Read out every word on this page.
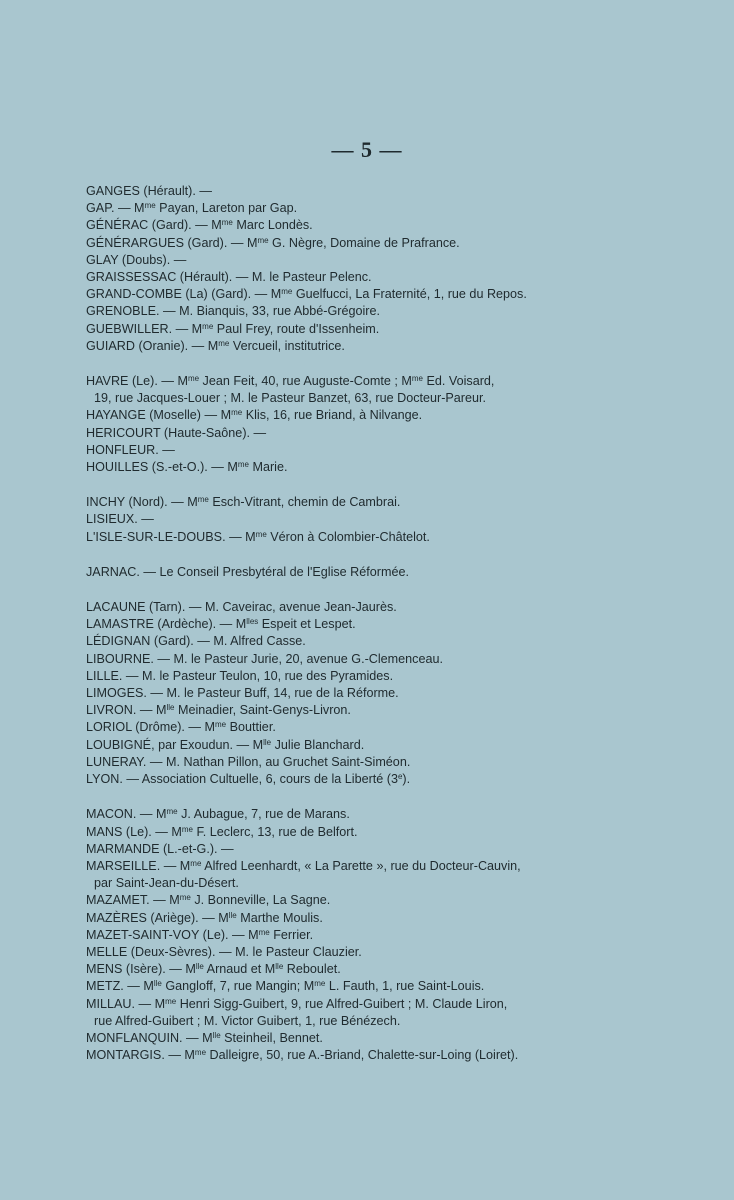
— 5 —
GANGES (Hérault). —
GAP. — $M^{me}$ Payan, Lareton par Gap.
GÉNÉRAC (Gard). — $M^{me}$ Marc Londès.
GÉNÉRARGUES (Gard). — $M^{me}$ G. Nègre, Domaine de Prafrance.
GLAY (Doubs). —
GRAISSESSAC (Hérault). — M. le Pasteur Pelenc.
GRAND-COMBE (La) (Gard). — $M^{me}$ Guelfucci, La Fraternité, 1, rue du Repos.
GRENOBLE. — M. Bianquis, 33, rue Abbé-Grégoire.
GUEBWILLER. — $M^{me}$ Paul Frey, route d'Issenheim.
GUIARD (Oranie). — $M^{me}$ Vercueil, institutrice.
HAVRE (Le). — $M^{me}$ Jean Feit, 40, rue Auguste-Comte ; $M^{me}$ Ed. Voisard,
19, rue Jacques-Louer ; M. le Pasteur Banzet, 63, rue Docteur-Pareur.
HAYANGE (Moselle) — $M^{me}$ Klis, 16, rue Briand, à Nilvange.
HERICOURT (Haute-Saône). —
HONFLEUR. —
HOUILLES (S.-et-O.). — $M^{me}$ Marie.
INCHY (Nord). — $M^{me}$ Esch-Vitrant, chemin de Cambrai.
LISIEUX. —
L'ISLE-SUR-LE-DOUBS. — $M^{me}$ Véron à Colombier-Châtelot.
JARNAC. — Le Conseil Presbytéral de l'Eglise Réformée.
LACAUNE (Tarn). — M. Caveirac, avenue Jean-Jaurès.
LAMASTRE (Ardèche). — $M^{lles}$ Espeit et Lespet.
LÉDIGNAN (Gard). — M. Alfred Casse.
LIBOURNE. — M. le Pasteur Jurie, 20, avenue G.-Clemenceau.
LILLE. — M. le Pasteur Teulon, 10, rue des Pyramides.
LIMOGES. — M. le Pasteur Buff, 14, rue de la Réforme.
LIVRON. — $M^{lle}$ Meinadier, Saint-Genys-Livron.
LORIOL (Drôme). — $M^{me}$ Bouttier.
LOUBIGNÉ, par Exoudun. — $M^{lle}$ Julie Blanchard.
LUNERAY. — M. Nathan Pillon, au Gruchet Saint-Siméon.
LYON. — Association Cultuelle, 6, cours de la Liberté (3e).
MACON. — $M^{me}$ J. Aubague, 7, rue de Marans.
MANS (Le). — $M^{me}$ F. Leclerc, 13, rue de Belfort.
MARMANDE (L.-et-G.). —
MARSEILLE. — $M^{me}$ Alfred Leenhardt, « La Parette », rue du Docteur-Cauvin,
par Saint-Jean-du-Désert.
MAZAMET. — $M^{me}$ J. Bonneville, La Sagne.
MAZÈRES (Ariège). — $M^{lle}$ Marthe Moulis.
MAZET-SAINT-VOY (Le). — $M^{me}$ Ferrier.
MELLE (Deux-Sèvres). — M. le Pasteur Clauzier.
MENS (Isère). — $M^{lle}$ Arnaud et $M^{lle}$ Reboulet.
METZ. — $M^{lle}$ Gangloff, 7, rue Mangin; $M^{me}$ L. Fauth, 1, rue Saint-Louis.
MILLAU. — $M^{me}$ Henri Sigg-Guibert, 9, rue Alfred-Guibert ; M. Claude Liron,
rue Alfred-Guibert ; M. Victor Guibert, 1, rue Bénézech.
MONFLANQUIN. — $M^{lle}$ Steinheil, Bennet.
MONTARGIS. — $M^{me}$ Dalleigre, 50, rue A.-Briand, Chalette-sur-Loing (Loiret).
